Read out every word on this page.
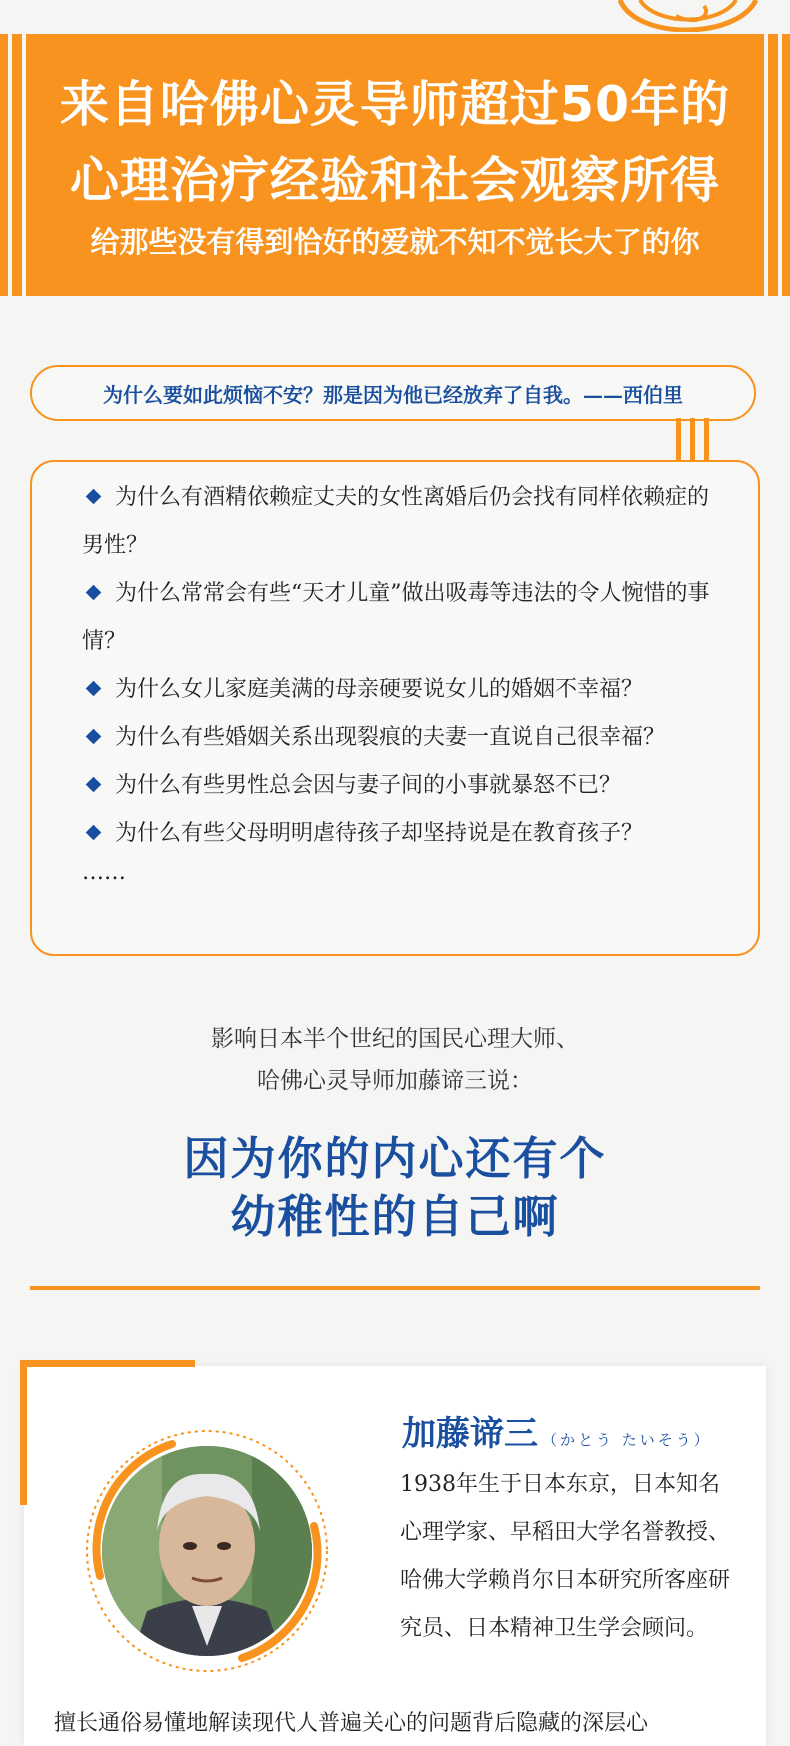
来自哈佛心灵导师超过50年的
心理治疗经验和社会观察所得
给那些没有得到恰好的爱就不知不觉长大了的你
为什么要如此烦恼不安？那是因为他已经放弃了自我。——西伯里

为什么有酒精依赖症丈夫的女性离婚后仍会找有同样依赖症的男性？

为什么常常会有些“天才儿童”做出吸毒等违法的令人惋惜的事情？

为什么女儿家庭美满的母亲硬要说女儿的婚姻不幸福？

为什么有些婚姻关系出现裂痕的夫妻一直说自己很幸福？

为什么有些男性总会因与妻子间的小事就暴怒不已？

为什么有些父母明明虐待孩子却坚持说是在教育孩子？

……
影响日本半个世纪的国民心理大师、
哈佛心灵导师加藤谛三说：
因为你的内心还有个
幼稚性的自己啊
加藤谛三 （かとう たいそう）
1938年生于日本东京，日本知名心理学家、早稻田大学名誉教授、哈佛大学赖肖尔日本研究所客座研究员、日本精神卫生学会顾问。
擅长通俗易懂地解读现代人普遍关心的问题背后隐藏的深层心
